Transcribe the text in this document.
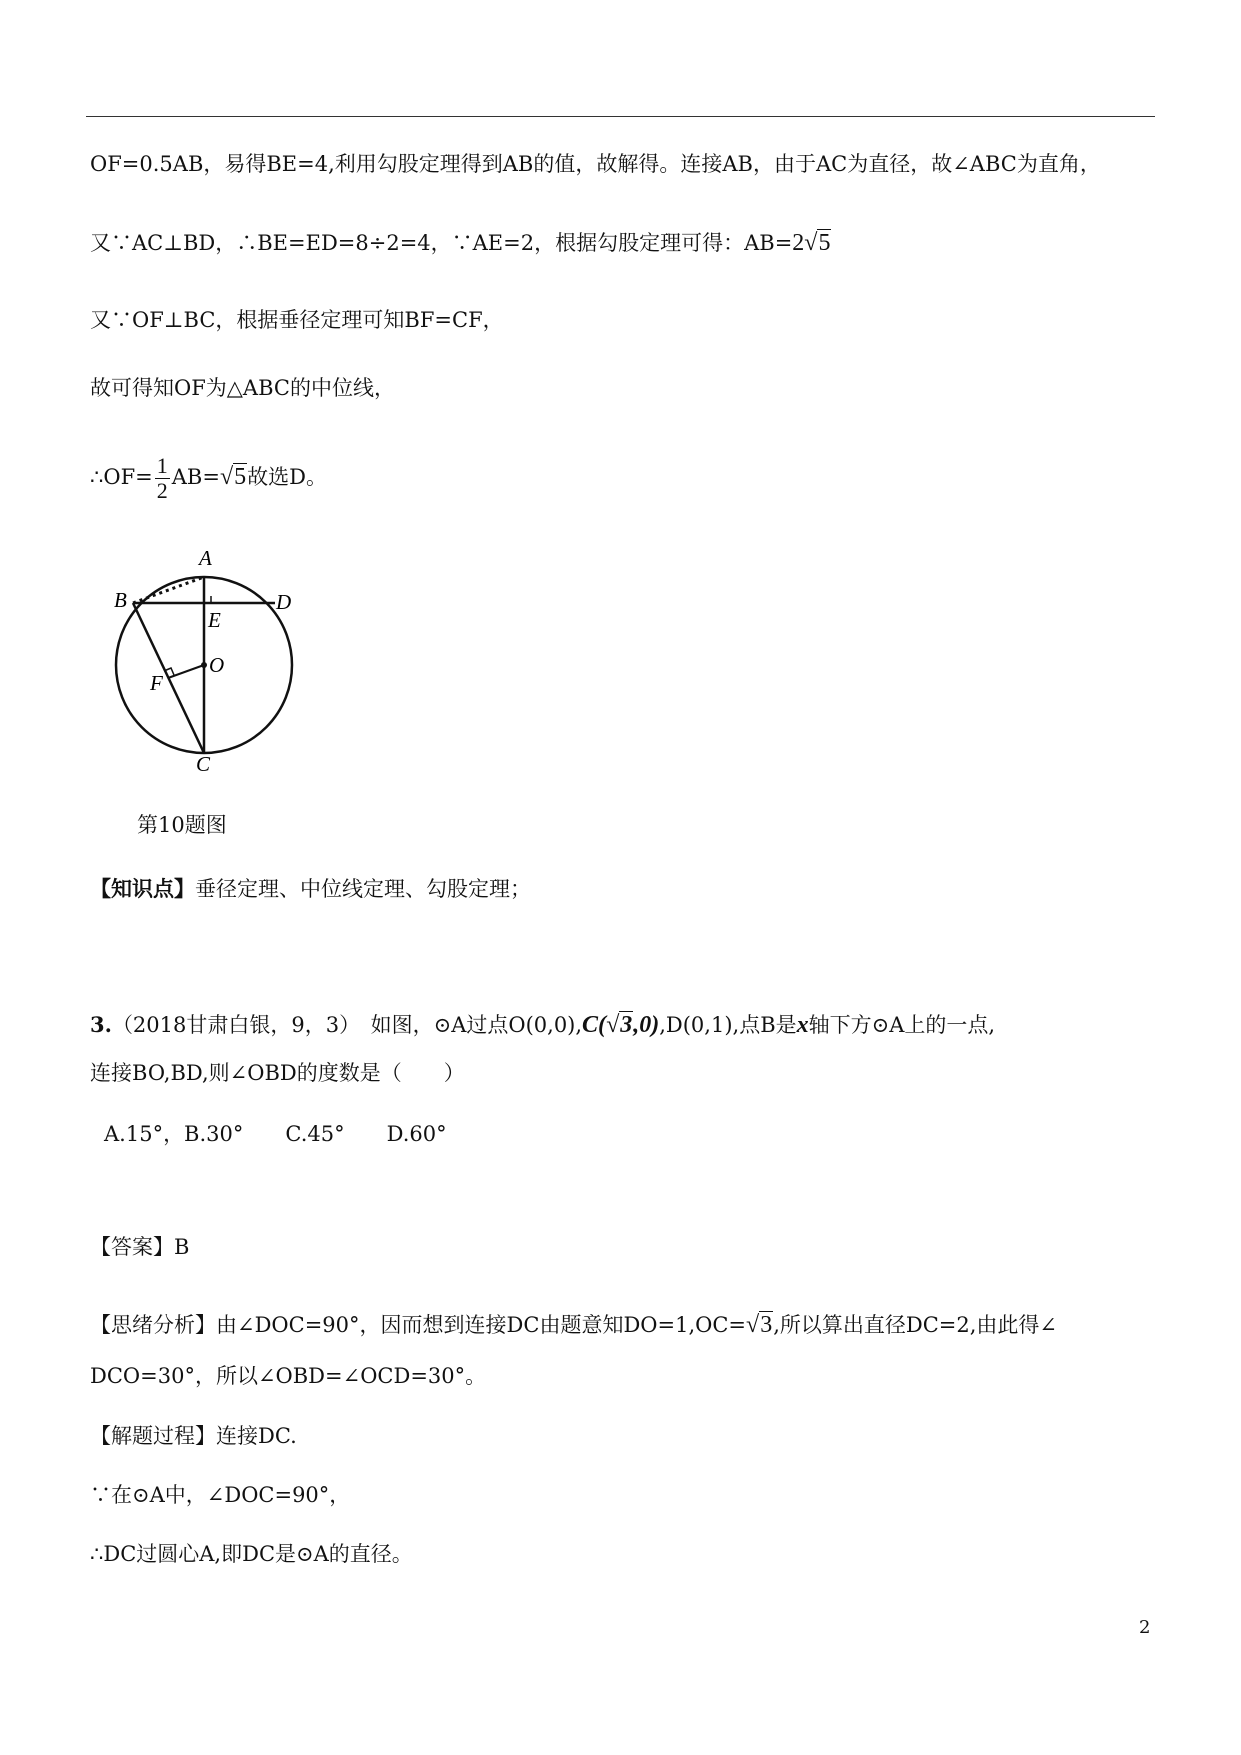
OF=0.5AB，易得BE=4,利用勾股定理得到AB的值，故解得。连接AB，由于AC为直径，故∠ABC为直角，
又∵AC⊥BD，∴BE=ED=8÷2=4，∵AE=2，根据勾股定理可得：AB=2√5
又∵OF⊥BC，根据垂径定理可知BF=CF，
故可得知OF为△ABC的中位线，
∴OF= $\frac{1}{2} AB=√5$故选D。
A
B	D
E
O
F
C
第10题图
【知识点】垂径定理、中位线定理、勾股定理；
3.（2018甘肃白银，9，3）　 如图，⊙A过点O(0,0),C(√3,0),D(0,1),点B是x轴下方⊙A上的一点,
连接BO,BD,则∠OBD的度数是（　　）
A.15°，B.30°　　C.45°　　D.60°
【答案】B
【思绪分析】由∠DOC=90°，因而想到连接DC由题意知DO=1,OC=√3,所以算出直径DC=2,由此得∠
DCO=30°，所以∠OBD=∠OCD=30°。
【解题过程】连接DC.
∵在⊙A中，∠DOC=90°，
∴DC过圆心A,即DC是⊙A的直径。
2
